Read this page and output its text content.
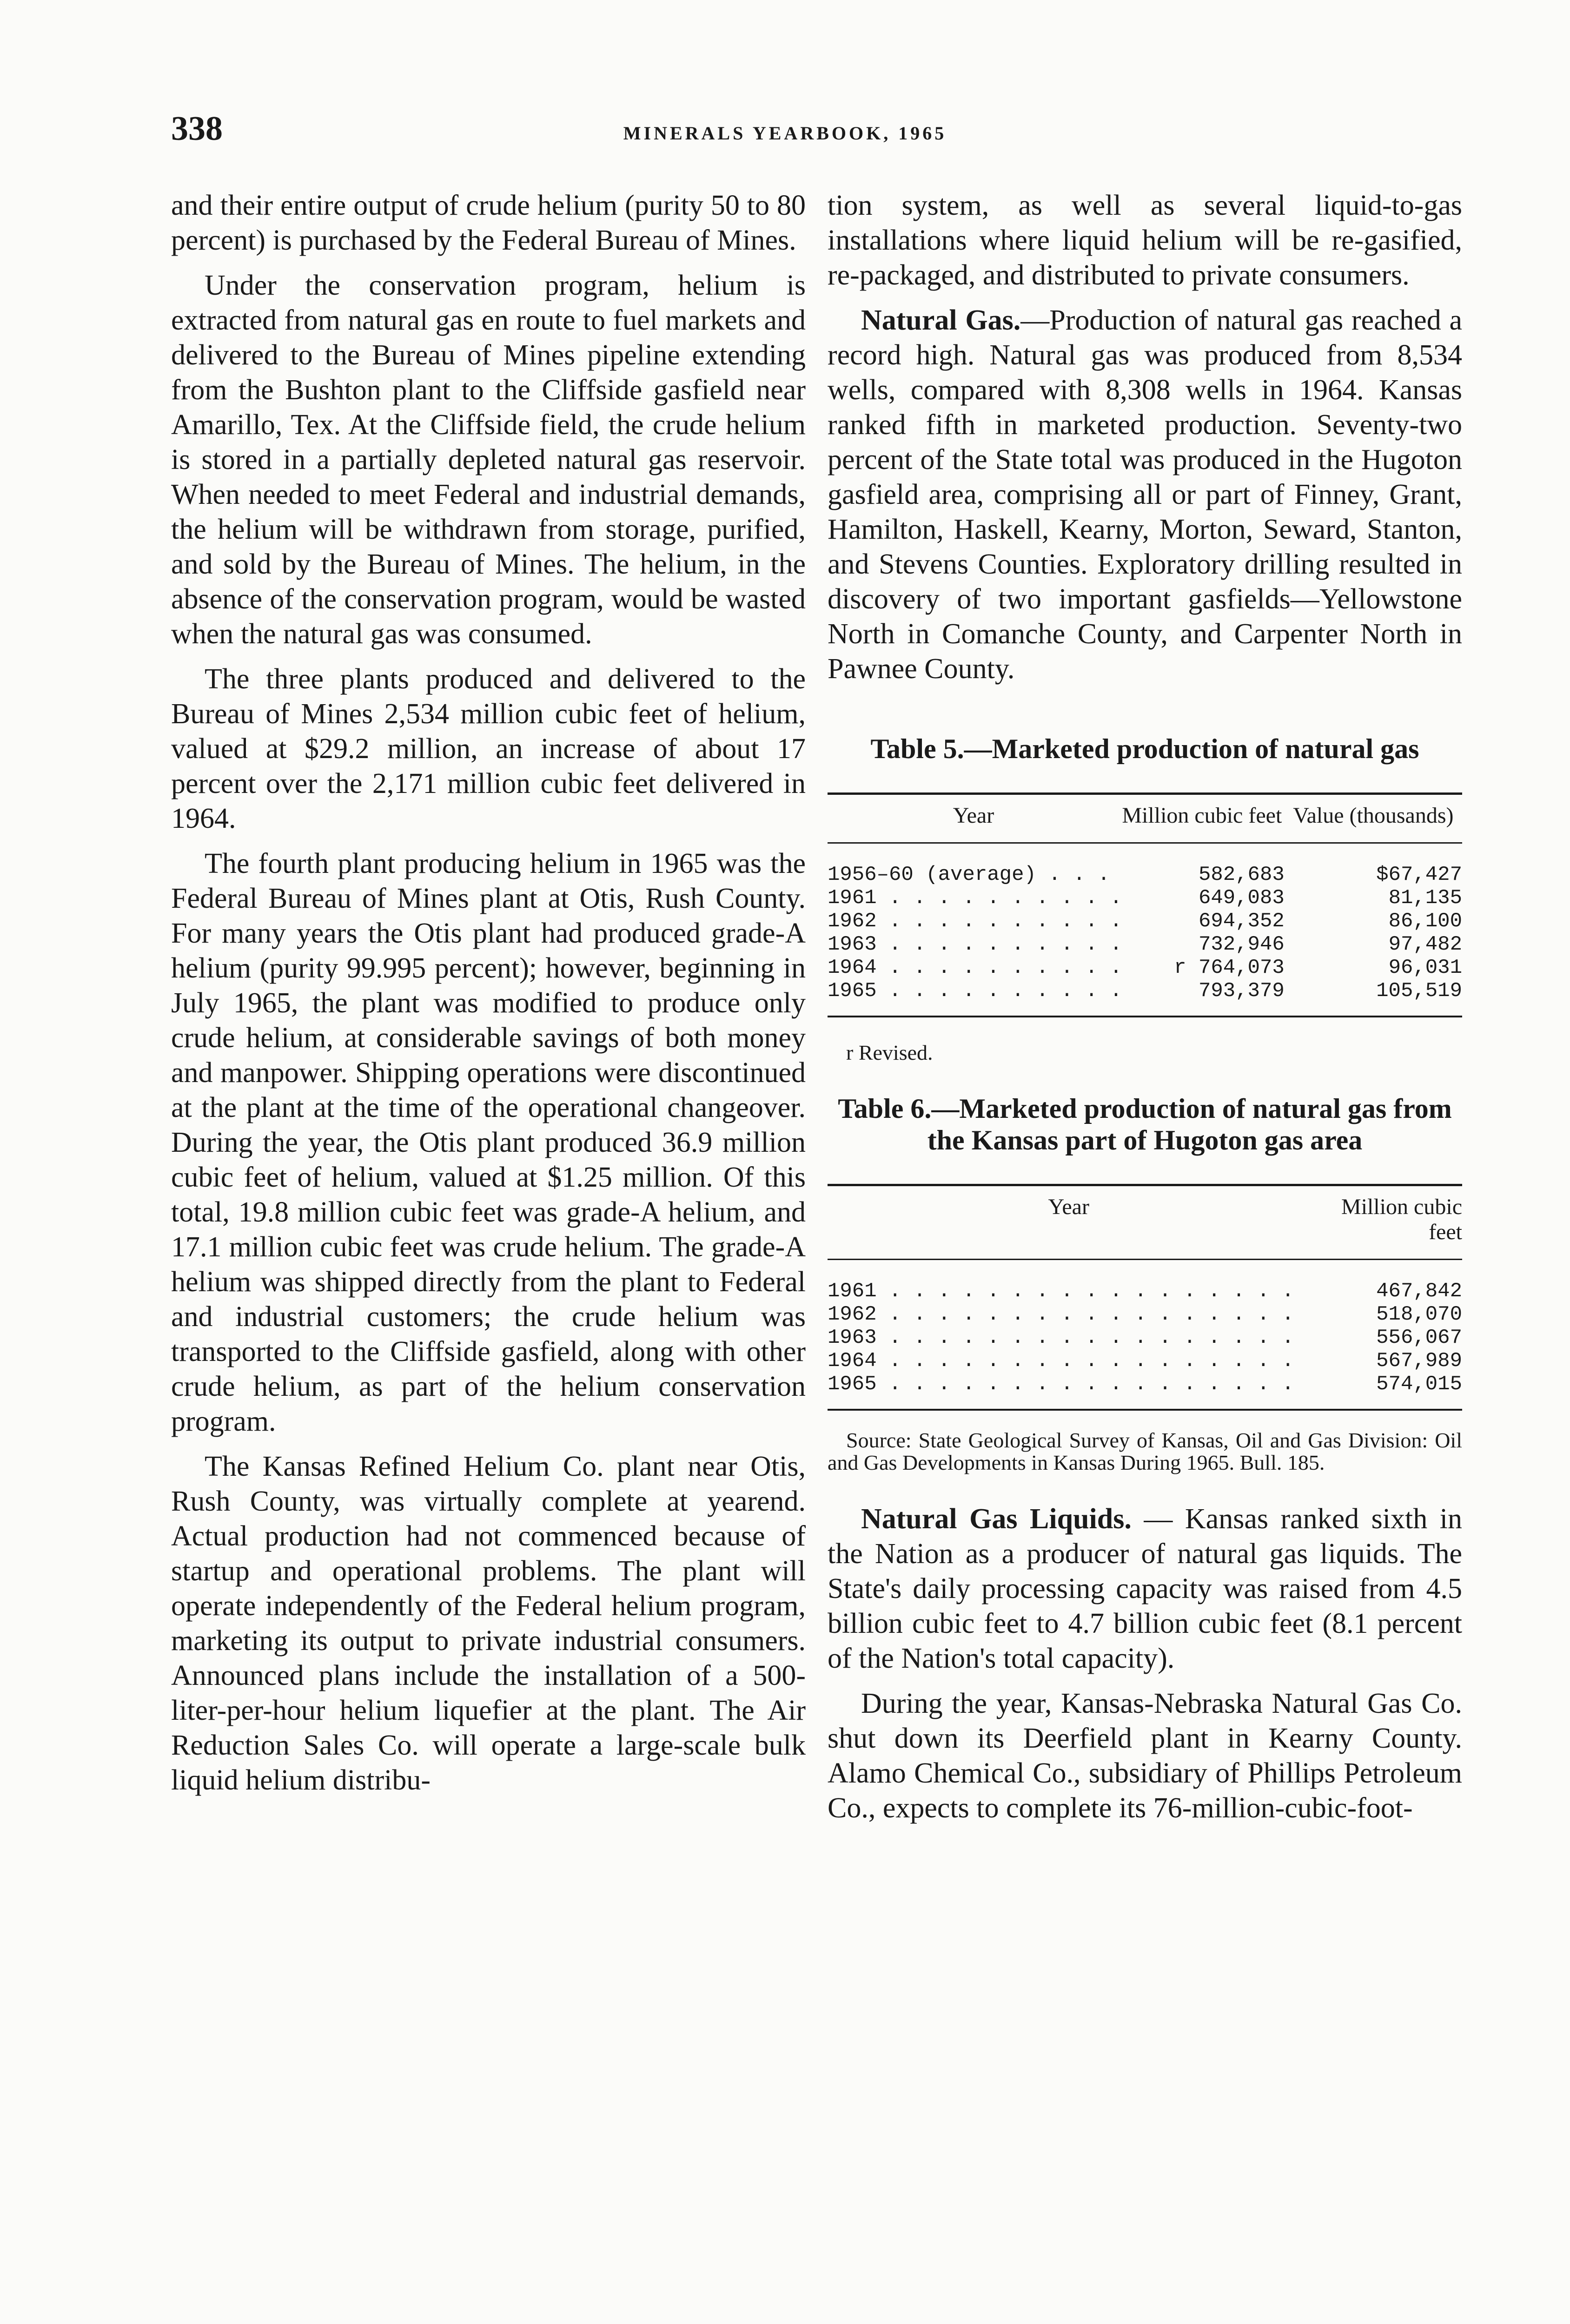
338	MINERALS YEARBOOK, 1965

and their entire output of crude helium (purity 50 to 80 percent) is purchased by the Federal Bureau of Mines.

Under the conservation program, helium is extracted from natural gas en route to fuel markets and delivered to the Bureau of Mines pipeline extending from the Bushton plant to the Cliffside gasfield near Amarillo, Tex. At the Cliffside field, the crude helium is stored in a partially depleted natural gas reservoir. When needed to meet Federal and industrial demands, the helium will be withdrawn from storage, purified, and sold by the Bureau of Mines. The helium, in the absence of the conservation program, would be wasted when the natural gas was consumed.

The three plants produced and delivered to the Bureau of Mines 2,534 million cubic feet of helium, valued at $29.2 million, an increase of about 17 percent over the 2,171 million cubic feet delivered in 1964.

The fourth plant producing helium in 1965 was the Federal Bureau of Mines plant at Otis, Rush County. For many years the Otis plant had produced grade-A helium (purity 99.995 percent); however, beginning in July 1965, the plant was modified to produce only crude helium, at considerable savings of both money and manpower. Shipping operations were discontinued at the plant at the time of the operational changeover. During the year, the Otis plant produced 36.9 million cubic feet of helium, valued at $1.25 million. Of this total, 19.8 million cubic feet was grade-A helium, and 17.1 million cubic feet was crude helium. The grade-A helium was shipped directly from the plant to Federal and industrial customers; the crude helium was transported to the Cliffside gasfield, along with other crude helium, as part of the helium conservation program.

The Kansas Refined Helium Co. plant near Otis, Rush County, was virtually complete at yearend. Actual production had not commenced because of startup and operational problems. The plant will operate independently of the Federal helium program, marketing its output to private industrial consumers. Announced plans include the installation of a 500-liter-per-hour helium liquefier at the plant. The Air Reduction Sales Co. will operate a large-scale bulk liquid helium distribu-

tion system, as well as several liquid-to-gas installations where liquid helium will be re-gasified, re-packaged, and distributed to private consumers.

Natural Gas.—Production of natural gas reached a record high. Natural gas was produced from 8,534 wells, compared with 8,308 wells in 1964. Kansas ranked fifth in marketed production. Seventy-two percent of the State total was produced in the Hugoton gasfield area, comprising all or part of Finney, Grant, Hamilton, Haskell, Kearny, Morton, Seward, Stanton, and Stevens Counties. Exploratory drilling resulted in discovery of two important gasfields—Yellowstone North in Comanche County, and Carpenter North in Pawnee County.

Table 5.—Marketed production of natural gas
Year	Million cubic feet	Value (thousands)
1956–60 (average) . . .	582,683	$67,427
1961 . . .	649,083	81,135
1962 . . .	694,352	86,100
1963 . . .	732,946	97,482
1964 . . .	r 764,073	96,031
1965 . . .	793,379	105,519
r Revised.
Table 6.—Marketed production of natural gas from the Kansas part of Hugoton gas area
Year	Million cubic feet
1961 . . .	467,842
1962 . . .	518,070
1963 . . .	556,067
1964 . . .	567,989
1965 . . .	574,015
Source: State Geological Survey of Kansas, Oil and Gas Division: Oil and Gas Developments in Kansas During 1965. Bull. 185.

Natural Gas Liquids. — Kansas ranked sixth in the Nation as a producer of natural gas liquids. The State's daily processing capacity was raised from 4.5 billion cubic feet to 4.7 billion cubic feet (8.1 percent of the Nation's total capacity).

During the year, Kansas-Nebraska Natural Gas Co. shut down its Deerfield plant in Kearny County. Alamo Chemical Co., subsidiary of Phillips Petroleum Co., expects to complete its 76-million-cubic-foot-
